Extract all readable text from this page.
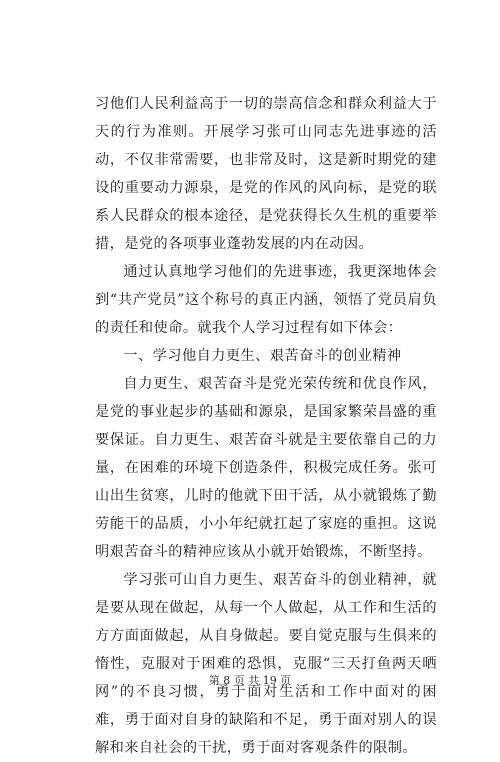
习他们人民利益高于一切的崇高信念和群众利益大于天的行为准则。开展学习张可山同志先进事迹的活动，不仅非常需要，也非常及时，这是新时期党的建设的重要动力源泉，是党的作风的风向标，是党的联系人民群众的根本途径，是党获得长久生机的重要举措，是党的各项事业蓬勃发展的内在动因。

通过认真地学习他们的先进事迹，我更深地体会到“共产党员”这个称号的真正内涵，领悟了党员肩负的责任和使命。就我个人学习过程有如下体会：

一、学习他自力更生、艰苦奋斗的创业精神

自力更生、艰苦奋斗是党光荣传统和优良作风，是党的事业起步的基础和源泉，是国家繁荣昌盛的重要保证。自力更生、艰苦奋斗就是主要依靠自己的力量，在困难的环境下创造条件，积极完成任务。张可山出生贫寒，儿时的他就下田干活，从小就锻炼了勤劳能干的品质，小小年纪就扛起了家庭的重担。这说明艰苦奋斗的精神应该从小就开始锻炼，不断坚持。

学习张可山自力更生、艰苦奋斗的创业精神，就是要从现在做起，从每一个人做起，从工作和生活的方方面面做起，从自身做起。要自觉克服与生俱来的惰性，克服对于困难的恐惧，克服“三天打鱼两天晒网”的不良习惯，勇于面对生活和工作中面对的困难，勇于面对自身的缺陷和不足，勇于面对别人的误解和来自社会的干扰，勇于面对客观条件的限制。

第 8 页 共 19 页
